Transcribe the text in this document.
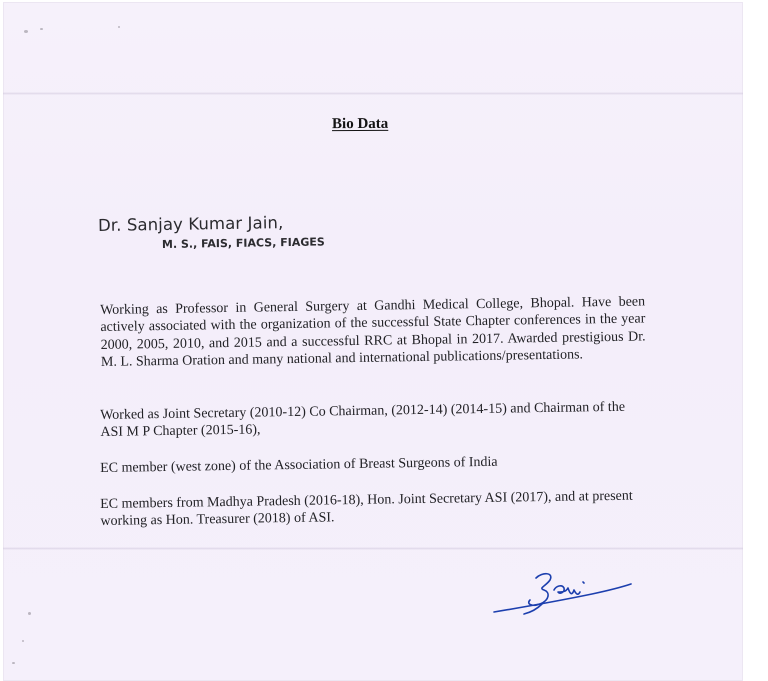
Bio Data
Dr. Sanjay Kumar Jain,
M. S., FAIS, FIACS, FIAGES

Working as Professor in General Surgery at Gandhi Medical College, Bhopal. Have been actively associated with the organization of the successful State Chapter conferences in the year 2000, 2005, 2010, and 2015 and a successful RRC at Bhopal in 2017. Awarded prestigious Dr. M. L. Sharma Oration and many national and international publications/presentations.

Worked as Joint Secretary (2010-12) Co Chairman, (2012-14) (2014-15) and Chairman of the ASI M P Chapter (2015-16),

EC member (west zone) of the Association of Breast Surgeons of India

EC members from Madhya Pradesh (2016-18), Hon. Joint Secretary ASI (2017), and at present working as Hon. Treasurer (2018) of ASI.
